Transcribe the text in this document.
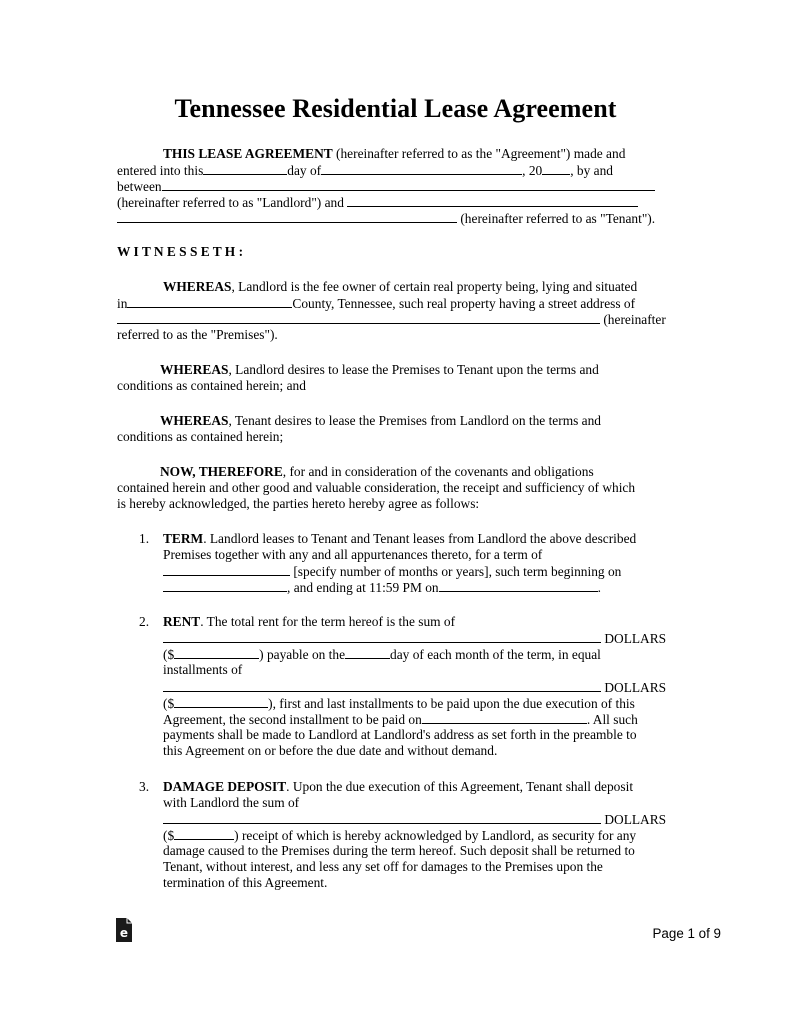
Tennessee Residential Lease Agreement
THIS LEASE AGREEMENT (hereinafter referred to as the "Agreement") made and
entered into this	day of	, 20 , by and
between
(hereinafter referred to as "Landlord") and
(hereinafter referred to as "Tenant").
W I T N E S S E T H :
WHEREAS, Landlord is the fee owner of certain real property being, lying and situated
in	County, Tennessee, such real property having a street address of
(hereinafter
referred to as the "Premises").
WHEREAS, Landlord desires to lease the Premises to Tenant upon the terms and
conditions as contained herein; and
WHEREAS, Tenant desires to lease the Premises from Landlord on the terms and
conditions as contained herein;
NOW, THEREFORE, for and in consideration of the covenants and obligations
contained herein and other good and valuable consideration, the receipt and sufficiency of which
is hereby acknowledged, the parties hereto hereby agree as follows:
1. TERM. Landlord leases to Tenant and Tenant leases from Landlord the above described
Premises together with any and all appurtenances thereto, for a term of
[specify number of months or years], such term beginning on
, and ending at 11:59 PM on	.
2. RENT. The total rent for the term hereof is the sum of
DOLLARS
($	) payable on the	day of each month of the term, in equal
installments of
DOLLARS
($	), first and last installments to be paid upon the due execution of this
Agreement, the second installment to be paid on	. All such
payments shall be made to Landlord at Landlord's address as set forth in the preamble to
this Agreement on or before the due date and without demand.
3. DAMAGE DEPOSIT. Upon the due execution of this Agreement, Tenant shall deposit
with Landlord the sum of
DOLLARS
($	) receipt of which is hereby acknowledged by Landlord, as security for any
damage caused to the Premises during the term hereof. Such deposit shall be returned to
Tenant, without interest, and less any set off for damages to the Premises upon the
termination of this Agreement.
e	Page 1 of 9
